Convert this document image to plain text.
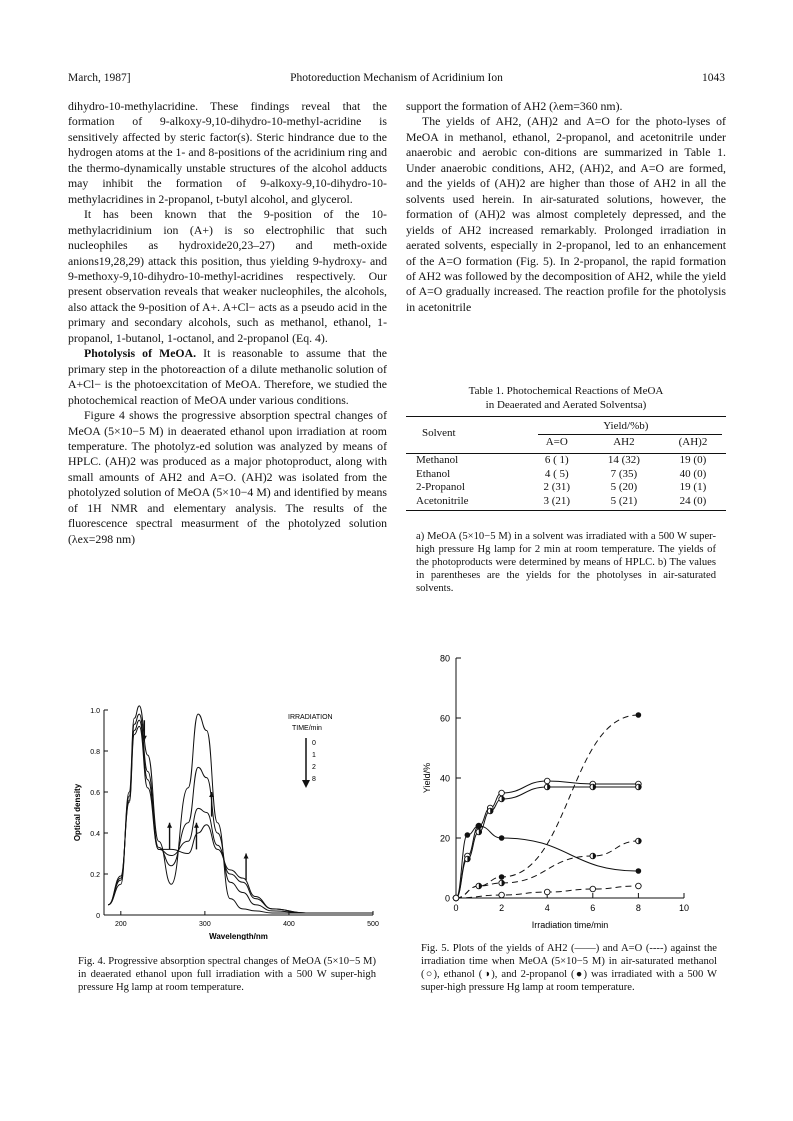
March, 1987]	Photoreduction Mechanism of Acridinium Ion	1043

dihydro-10-methylacridine. These findings reveal that the formation of 9-alkoxy-9,10-dihydro-10-methyl-acridine is sensitively affected by steric factor(s). Steric hindrance due to the hydrogen atoms at the 1- and 8-positions of the acridinium ring and the thermo-dynamically unstable structures of the alcohol adducts may inhibit the formation of 9-alkoxy-9,10-dihydro-10-methylacridines in 2-propanol, t-butyl alcohol, and glycerol.

It has been known that the 9-position of the 10-methylacridinium ion (A+) is so electrophilic that such nucleophiles as hydroxide20,23–27) and meth-oxide anions19,28,29) attack this position, thus yielding 9-hydroxy- and 9-methoxy-9,10-dihydro-10-methyl-acridines respectively. Our present observation reveals that weaker nucleophiles, the alcohols, also attack the 9-position of A+. A+Cl− acts as a pseudo acid in the primary and secondary alcohols, such as methanol, ethanol, 1-propanol, 1-butanol, 1-octanol, and 2-propanol (Eq. 4).

Photolysis of MeOA. It is reasonable to assume that the primary step in the photoreaction of a dilute methanolic solution of A+Cl− is the photoexcitation of MeOA. Therefore, we studied the photochemical reaction of MeOA under various conditions.

Figure 4 shows the progressive absorption spectral changes of MeOA (5×10−5 M) in deaerated ethanol upon irradiation at room temperature. The photolyz-ed solution was analyzed by means of HPLC. (AH)2 was produced as a major photoproduct, along with small amounts of AH2 and A=O. (AH)2 was isolated from the photolyzed solution of MeOA (5×10−4 M) and identified by means of 1H NMR and elementary analysis. The results of the fluorescence spectral measurment of the photolyzed solution (λex=298 nm)

support the formation of AH2 (λem=360 nm).

The yields of AH2, (AH)2 and A=O for the photo-lyses of MeOA in methanol, ethanol, 2-propanol, and acetonitrile under anaerobic and aerobic con-ditions are summarized in Table 1. Under anaerobic conditions, AH2, (AH)2, and A=O are formed, and the yields of (AH)2 are higher than those of AH2 in all the solvents used herein. In air-saturated solutions, however, the formation of (AH)2 was almost completely depressed, and the yields of AH2 increased remarkably. Prolonged irradiation in aerated solvents, especially in 2-propanol, led to an enhancement of the A=O formation (Fig. 5). In 2-propanol, the rapid formation of AH2 was followed by the decomposition of AH2, while the yield of A=O gradually increased. The reaction profile for the photolysis in acetonitrile

Table 1. Photochemical Reactions of MeOA
in Deaerated and Aerated Solventsa)
Solvent	Yield/%b)		

	A=O	AH2	(AH)2

Methanol	6 ( 1)	14 (32)	19 (0)
Ethanol	4 ( 5)	7 (35)	40 (0)
2-Propanol	2 (31)	5 (20)	19 (1)
Acetonitrile	3 (21)	5 (21)	24 (0)
a) MeOA (5×10−5 M) in a solvent was irradiated with a 500 W super-high pressure Hg lamp for 2 min at room temperature. The yields of the photoproducts were determined by means of HPLC. b) The values in parentheses are the yields for the photolyses in air-saturated solvents.
0
0.2
0.4
0.6
0.8
1.0
200	300	400	500
Wavelength/nm
Optical density
IRRADIATION
TIME/min
0
1
2
8
Fig. 4. Progressive absorption spectral changes of MeOA (5×10−5 M) in deaerated ethanol upon full irradiation with a 500 W super-high pressure Hg lamp at room temperature.
0
20
40
60
80
0	2	4	6	8	10
Irradiation time/min
Yield/%
Fig. 5. Plots of the yields of AH2 (——) and A=O (----) against the irradiation time when MeOA (5×10−5 M) in air-saturated methanol (○), ethanol (◑), and 2-propanol (●) was irradiated with a 500 W super-high pressure Hg lamp at room temperature.
